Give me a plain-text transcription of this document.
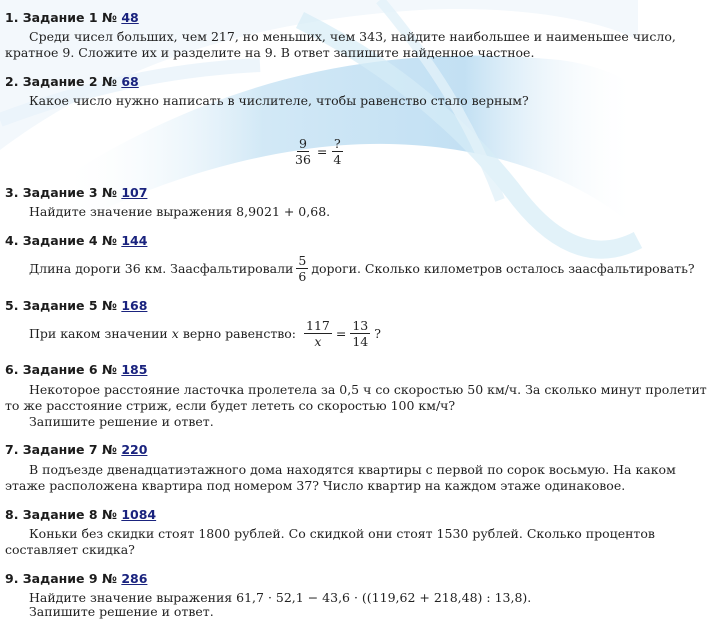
1. Задание 1 № 48
Среди чисел больших, чем 217, но меньших, чем 343, найдите наибольшее и наименьшее число,
кратное 9. Сложите их и разделите на 9. В ответ запишите найденное частное.
2. Задание 2 № 68
Какое число нужно написать в числителе, чтобы равенство стало верным?
$\frac{9}{36} = \frac{?}{4}$
3. Задание 3 № 107
Найдите значение выражения 8,9021 + 0,68.
4. Задание 4 № 144
Длина дороги 36 км. Заасфальтировали $\frac{5}{6}$ дороги. Сколько километров осталось заасфальтировать?
5. Задание 5 № 168
При каком значении x верно равенство: $\frac{117}{x} = \frac{13}{14}$ ?
6. Задание 6 № 185
Некоторое расстояние ласточка пролетела за 0,5 ч со скоростью 50 км/ч. За сколько минут пролетит
то же расстояние стриж, если будет лететь со скоростью 100 км/ч?
Запишите решение и ответ.
7. Задание 7 № 220
В подъезде двенадцатиэтажного дома находятся квартиры с первой по сорок восьмую. На каком
этаже расположена квартира под номером 37? Число квартир на каждом этаже одинаковое.
8. Задание 8 № 1084
Коньки без скидки стоят 1800 рублей. Со скидкой они стоят 1530 рублей. Сколько процентов
составляет скидка?
9. Задание 9 № 286
Найдите значение выражения 61,7 · 52,1 − 43,6 · ((119,62 + 218,48) : 13,8).
Запишите решение и ответ.
